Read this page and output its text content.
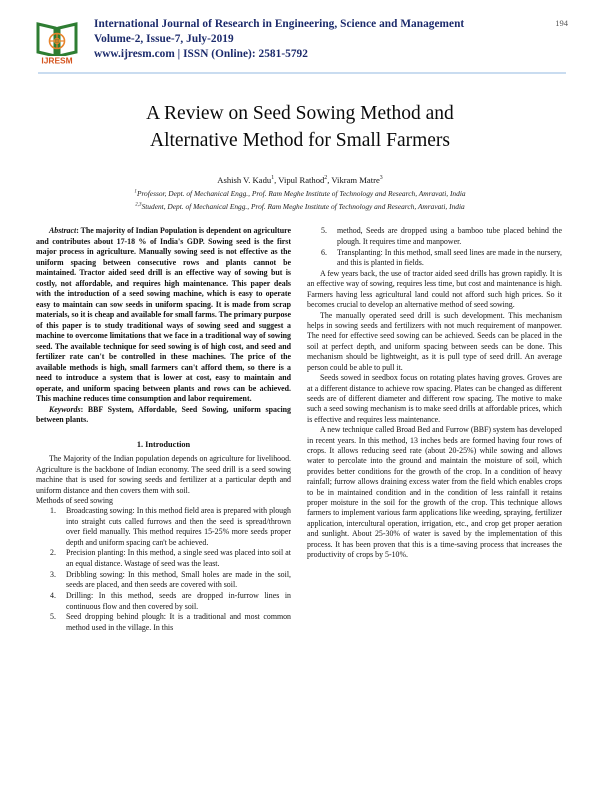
IJRESM
International Journal of Research in Engineering, Science and Management
Volume-2, Issue-7, July-2019
www.ijresm.com | ISSN (Online): 2581-5792
194
A Review on Seed Sowing Method and
Alternative Method for Small Farmers
Ashish V. Kadu$^1$, Vipul Rathod$^2$, Vikram Matre$^3$
$^1$Professor, Dept. of Mechanical Engg., Prof. Ram Meghe Institute of Technology and Research, Amravati, India
$^{2,3}$Student, Dept. of Mechanical Engg., Prof. Ram Meghe Institute of Technology and Research, Amravati, India

Abstract: The majority of Indian Population is dependent on agriculture and contributes about 17-18 % of India's GDP. Sowing seed is the first major process in agriculture. Manually sowing seed is not effective as the uniform spacing between consecutive rows and plants cannot be maintained. Tractor aided seed drill is an effective way of sowing but is costly, not affordable, and requires high maintenance. This paper deals with the introduction of a seed sowing machine, which is easy to operate easy to maintain can sow seeds in uniform spacing. It is made from scrap materials, so it is cheap and available for small farms. The primary purpose of this paper is to study traditional ways of sowing seed and suggest a machine to overcome limitations that we face in a traditional way of sowing seed. The available technique for seed sowing is of high cost, and seed and fertilizer rate can't be controlled in these machines. The price of the available methods is high, small farmers can't afford them, so there is a need to introduce a system that is lower at cost, easy to maintain and operate, and uniform spacing between plants and rows can be achieved. This machine reduces time consumption and labor requirement.

Keywords: BBF System, Affordable, Seed Sowing, uniform spacing between plants.

1. Introduction

The Majority of the Indian population depends on agriculture for livelihood. Agriculture is the backbone of Indian economy. The seed drill is a seed sowing machine that is used for sowing seeds and fertilizer at a particular depth and uniform distance and then covers them with soil.

Methods of seed sowing

Broadcasting sowing: In this method field area is prepared with plough into straight cuts called furrows and then the seed is spread/thrown over field manually. This method requires 15-25% more seeds proper depth and uniform spacing can't be achieved.
Precision planting: In this method, a single seed was placed into soil at an equal distance. Wastage of seed was the least.
Dribbling sowing: In this method, Small holes are made in the soil, seeds are placed, and then seeds are covered with soil.
Drilling: In this method, seeds are dropped in-furrow lines in continuous flow and then covered by soil.
Seed dropping behind plough: It is a traditional and most common method used in the village. In this
method, Seeds are dropped using a bamboo tube placed behind the plough. It requires time and manpower.
Transplanting: In this method, small seed lines are made in the nursery, and this is planted in fields.

A few years back, the use of tractor aided seed drills has grown rapidly. It is an effective way of sowing, requires less time, but cost and maintenance is high. Farmers having less agricultural land could not afford such high prices. So it becomes crucial to develop an alternative method of seed sowing.

The manually operated seed drill is such development. This mechanism helps in sowing seeds and fertilizers with not much requirement of manpower. The need for effective seed sowing can be achieved. Seeds can be placed in the soil at perfect depth, and uniform spacing between seeds can be done. This mechanism should be lightweight, as it is pull type of seed drill. An average person could be able to pull it.

Seeds sowed in seedbox focus on rotating plates having groves. Groves are at a different distance to achieve row spacing. Plates can be changed as different seeds are of different diameter and different row spacing. The motive to make such a seed sowing mechanism is to make seed drills at affordable prices, which is effective and requires less maintenance.

A new technique called Broad Bed and Furrow (BBF) system has developed in recent years. In this method, 13 inches beds are formed having four rows of crops. It allows reducing seed rate (about 20-25%) while sowing and allows water to percolate into the ground and maintain the moisture of soil, which provides better conditions for the growth of the crop. In a condition of heavy rainfall; furrow allows draining excess water from the field which enables crops to be in maintained condition and in the condition of less rainfall it retains proper moisture in the soil for the growth of the crop. This technique allows farmers to implement various farm applications like weeding, spraying, fertilizer application, intercultural operation, irrigation, etc., and crop get proper aeration and sunlight. About 25-30% of water is saved by the implementation of this process. It has been proven that this is a time-saving process that increases the productivity of crops by 5-10%.
